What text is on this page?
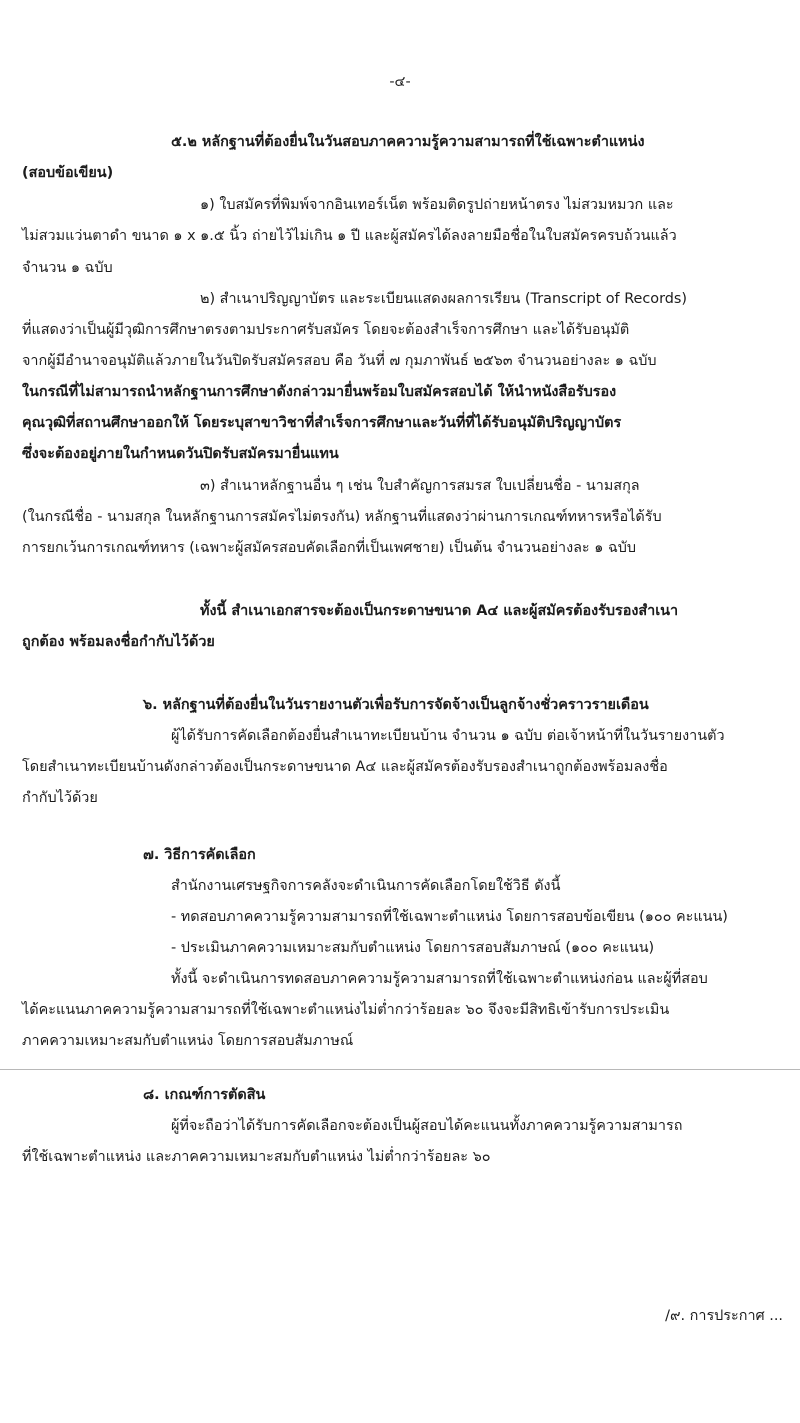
-๔-
๕.๒ หลักฐานที่ต้องยื่นในวันสอบภาคความรู้ความสามารถที่ใช้เฉพาะตำแหน่ง
(สอบข้อเขียน)
๑) ใบสมัครที่พิมพ์จากอินเทอร์เน็ต พร้อมติดรูปถ่ายหน้าตรง ไม่สวมหมวก และ
ไม่สวมแว่นตาดำ ขนาด ๑ x ๑.๕ นิ้ว ถ่ายไว้ไม่เกิน ๑ ปี และผู้สมัครได้ลงลายมือชื่อในใบสมัครครบถ้วนแล้ว
จำนวน ๑ ฉบับ
๒) สำเนาปริญญาบัตร และระเบียนแสดงผลการเรียน (Transcript of Records)
ที่แสดงว่าเป็นผู้มีวุฒิการศึกษาตรงตามประกาศรับสมัคร โดยจะต้องสำเร็จการศึกษา และได้รับอนุมัติ
จากผู้มีอำนาจอนุมัติแล้วภายในวันปิดรับสมัครสอบ คือ วันที่ ๗ กุมภาพันธ์ ๒๕๖๓ จำนวนอย่างละ ๑ ฉบับ
ในกรณีที่ไม่สามารถนำหลักฐานการศึกษาดังกล่าวมายื่นพร้อมใบสมัครสอบได้ ให้นำหนังสือรับรอง
คุณวุฒิที่สถานศึกษาออกให้ โดยระบุสาขาวิชาที่สำเร็จการศึกษาและวันที่ที่ได้รับอนุมัติปริญญาบัตร
ซึ่งจะต้องอยู่ภายในกำหนดวันปิดรับสมัครมายื่นแทน
๓) สำเนาหลักฐานอื่น ๆ เช่น ใบสำคัญการสมรส ใบเปลี่ยนชื่อ - นามสกุล
(ในกรณีชื่อ - นามสกุล ในหลักฐานการสมัครไม่ตรงกัน) หลักฐานที่แสดงว่าผ่านการเกณฑ์ทหารหรือได้รับ
การยกเว้นการเกณฑ์ทหาร (เฉพาะผู้สมัครสอบคัดเลือกที่เป็นเพศชาย) เป็นต้น จำนวนอย่างละ ๑ ฉบับ
ทั้งนี้ สำเนาเอกสารจะต้องเป็นกระดาษขนาด A๔ และผู้สมัครต้องรับรองสำเนา
ถูกต้อง พร้อมลงชื่อกำกับไว้ด้วย
๖. หลักฐานที่ต้องยื่นในวันรายงานตัวเพื่อรับการจัดจ้างเป็นลูกจ้างชั่วคราวรายเดือน
ผู้ได้รับการคัดเลือกต้องยื่นสำเนาทะเบียนบ้าน จำนวน ๑ ฉบับ ต่อเจ้าหน้าที่ในวันรายงานตัว
โดยสำเนาทะเบียนบ้านดังกล่าวต้องเป็นกระดาษขนาด A๔ และผู้สมัครต้องรับรองสำเนาถูกต้องพร้อมลงชื่อ
กำกับไว้ด้วย
๗. วิธีการคัดเลือก
สำนักงานเศรษฐกิจการคลังจะดำเนินการคัดเลือกโดยใช้วิธี ดังนี้
- ทดสอบภาคความรู้ความสามารถที่ใช้เฉพาะตำแหน่ง โดยการสอบข้อเขียน (๑๐๐ คะแนน)
- ประเมินภาคความเหมาะสมกับตำแหน่ง โดยการสอบสัมภาษณ์ (๑๐๐ คะแนน)
ทั้งนี้ จะดำเนินการทดสอบภาคความรู้ความสามารถที่ใช้เฉพาะตำแหน่งก่อน และผู้ที่สอบ
ได้คะแนนภาคความรู้ความสามารถที่ใช้เฉพาะตำแหน่งไม่ต่ำกว่าร้อยละ ๖๐ จึงจะมีสิทธิเข้ารับการประเมิน
ภาคความเหมาะสมกับตำแหน่ง โดยการสอบสัมภาษณ์
๘. เกณฑ์การตัดสิน
ผู้ที่จะถือว่าได้รับการคัดเลือกจะต้องเป็นผู้สอบได้คะแนนทั้งภาคความรู้ความสามารถ
ที่ใช้เฉพาะตำแหน่ง และภาคความเหมาะสมกับตำแหน่ง ไม่ต่ำกว่าร้อยละ ๖๐
/๙. การประกาศ ...
